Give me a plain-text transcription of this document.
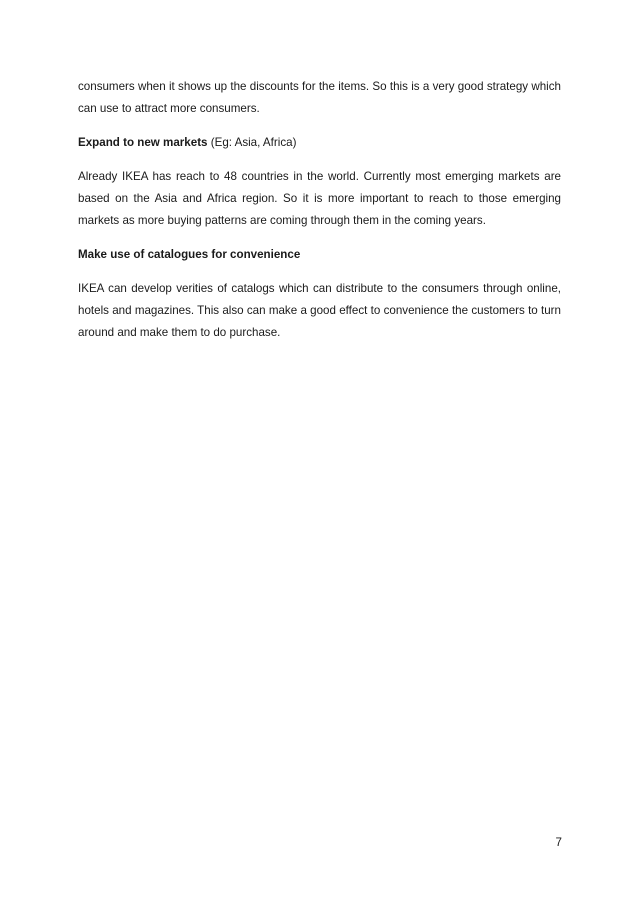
consumers when it shows up the discounts for the items. So this is a very good strategy which can use to attract more consumers.

Expand to new markets (Eg: Asia, Africa)

Already IKEA has reach to 48 countries in the world. Currently most emerging markets are based on the Asia and Africa region. So it is more important to reach to those emerging markets as more buying patterns are coming through them in the coming years.

Make use of catalogues for convenience

IKEA can develop verities of catalogs which can distribute to the consumers through online, hotels and magazines. This also can make a good effect to convenience the customers to turn around and make them to do purchase.

7
